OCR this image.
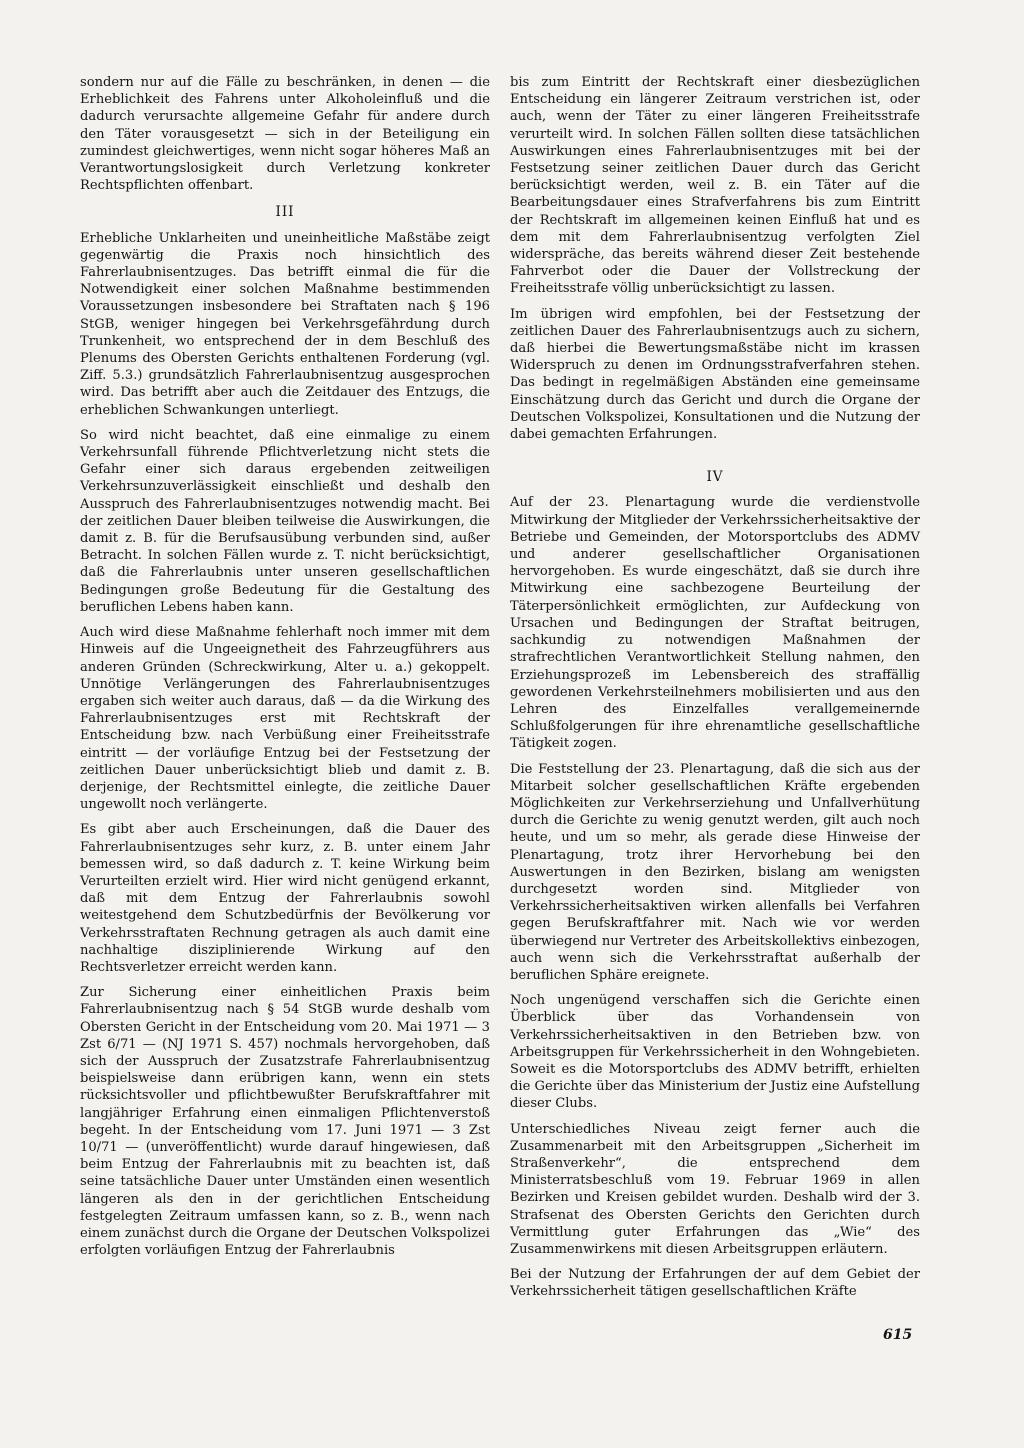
sondern nur auf die Fälle zu beschränken, in denen — die Erheblichkeit des Fahrens unter Alkoholeinfluß und die dadurch verursachte allgemeine Gefahr für andere durch den Täter vorausgesetzt — sich in der Beteiligung ein zumindest gleichwertiges, wenn nicht sogar höheres Maß an Verantwortungslosigkeit durch Verletzung konkreter Rechtspflichten offenbart.

III

Erhebliche Unklarheiten und uneinheitliche Maßstäbe zeigt gegenwärtig die Praxis noch hinsichtlich des Fahrerlaubnisentzuges. Das betrifft einmal die für die Notwendigkeit einer solchen Maßnahme bestimmenden Voraussetzungen insbesondere bei Straftaten nach § 196 StGB, weniger hingegen bei Verkehrsgefährdung durch Trunkenheit, wo entsprechend der in dem Beschluß des Plenums des Obersten Gerichts enthaltenen Forderung (vgl. Ziff. 5.3.) grundsätzlich Fahrerlaubnisentzug ausgesprochen wird. Das betrifft aber auch die Zeitdauer des Entzugs, die erheblichen Schwankungen unterliegt.

So wird nicht beachtet, daß eine einmalige zu einem Verkehrsunfall führende Pflichtverletzung nicht stets die Gefahr einer sich daraus ergebenden zeitweiligen Verkehrsunzuverlässigkeit einschließt und deshalb den Ausspruch des Fahrerlaubnisentzuges notwendig macht. Bei der zeitlichen Dauer bleiben teilweise die Auswirkungen, die damit z. B. für die Berufsausübung verbunden sind, außer Betracht. In solchen Fällen wurde z. T. nicht berücksichtigt, daß die Fahrerlaubnis unter unseren gesellschaftlichen Bedingungen große Bedeutung für die Gestaltung des beruflichen Lebens haben kann.

Auch wird diese Maßnahme fehlerhaft noch immer mit dem Hinweis auf die Ungeeignetheit des Fahrzeugführers aus anderen Gründen (Schreckwirkung, Alter u. a.) gekoppelt. Unnötige Verlängerungen des Fahrerlaubnisentzuges ergaben sich weiter auch daraus, daß — da die Wirkung des Fahrerlaubnisentzuges erst mit Rechtskraft der Entscheidung bzw. nach Verbüßung einer Freiheitsstrafe eintritt — der vorläufige Entzug bei der Festsetzung der zeitlichen Dauer unberücksichtigt blieb und damit z. B. derjenige, der Rechtsmittel einlegte, die zeitliche Dauer ungewollt noch verlängerte.

Es gibt aber auch Erscheinungen, daß die Dauer des Fahrerlaubnisentzuges sehr kurz, z. B. unter einem Jahr bemessen wird, so daß dadurch z. T. keine Wirkung beim Verurteilten erzielt wird. Hier wird nicht genügend erkannt, daß mit dem Entzug der Fahrerlaubnis sowohl weitestgehend dem Schutzbedürfnis der Bevölkerung vor Verkehrsstraftaten Rechnung getragen als auch damit eine nachhaltige disziplinierende Wirkung auf den Rechtsverletzer erreicht werden kann.

Zur Sicherung einer einheitlichen Praxis beim Fahrerlaubnisentzug nach § 54 StGB wurde deshalb vom Obersten Gericht in der Entscheidung vom 20. Mai 1971 — 3 Zst 6/71 — (NJ 1971 S. 457) nochmals hervorgehoben, daß sich der Ausspruch der Zusatzstrafe Fahrerlaubnisentzug beispielsweise dann erübrigen kann, wenn ein stets rücksichtsvoller und pflichtbewußter Berufskraftfahrer mit langjähriger Erfahrung einen einmaligen Pflichtenverstoß begeht. In der Entscheidung vom 17. Juni 1971 — 3 Zst 10/71 — (unveröffentlicht) wurde darauf hingewiesen, daß beim Entzug der Fahrerlaubnis mit zu beachten ist, daß seine tatsächliche Dauer unter Umständen einen wesentlich längeren als den in der gerichtlichen Entscheidung festgelegten Zeitraum umfassen kann, so z. B., wenn nach einem zunächst durch die Organe der Deutschen Volkspolizei erfolgten vorläufigen Entzug der Fahrerlaubnis

bis zum Eintritt der Rechtskraft einer diesbezüglichen Entscheidung ein längerer Zeitraum verstrichen ist, oder auch, wenn der Täter zu einer längeren Freiheitsstrafe verurteilt wird. In solchen Fällen sollten diese tatsächlichen Auswirkungen eines Fahrerlaubnisentzuges mit bei der Festsetzung seiner zeitlichen Dauer durch das Gericht berücksichtigt werden, weil z. B. ein Täter auf die Bearbeitungsdauer eines Strafverfahrens bis zum Eintritt der Rechtskraft im allgemeinen keinen Einfluß hat und es dem mit dem Fahrerlaubnisentzug verfolgten Ziel widerspräche, das bereits während dieser Zeit bestehende Fahrverbot oder die Dauer der Vollstreckung der Freiheitsstrafe völlig unberücksichtigt zu lassen.

Im übrigen wird empfohlen, bei der Festsetzung der zeitlichen Dauer des Fahrerlaubnisentzugs auch zu sichern, daß hierbei die Bewertungsmaßstäbe nicht im krassen Widerspruch zu denen im Ordnungsstrafverfahren stehen. Das bedingt in regelmäßigen Abständen eine gemeinsame Einschätzung durch das Gericht und durch die Organe der Deutschen Volkspolizei, Konsultationen und die Nutzung der dabei gemachten Erfahrungen.

IV

Auf der 23. Plenartagung wurde die verdienstvolle Mitwirkung der Mitglieder der Verkehrssicherheitsaktive der Betriebe und Gemeinden, der Motorsportclubs des ADMV und anderer gesellschaftlicher Organisationen hervorgehoben. Es wurde eingeschätzt, daß sie durch ihre Mitwirkung eine sachbezogene Beurteilung der Täterpersönlichkeit ermöglichten, zur Aufdeckung von Ursachen und Bedingungen der Straftat beitrugen, sachkundig zu notwendigen Maßnahmen der strafrechtlichen Verantwortlichkeit Stellung nahmen, den Erziehungsprozeß im Lebensbereich des straffällig gewordenen Verkehrsteilnehmers mobilisierten und aus den Lehren des Einzelfalles verallgemeinernde Schlußfolgerungen für ihre ehrenamtliche gesellschaftliche Tätigkeit zogen.

Die Feststellung der 23. Plenartagung, daß die sich aus der Mitarbeit solcher gesellschaftlichen Kräfte ergebenden Möglichkeiten zur Verkehrserziehung und Unfallverhütung durch die Gerichte zu wenig genutzt werden, gilt auch noch heute, und um so mehr, als gerade diese Hinweise der Plenartagung, trotz ihrer Hervorhebung bei den Auswertungen in den Bezirken, bislang am wenigsten durchgesetzt worden sind. Mitglieder von Verkehrssicherheitsaktiven wirken allenfalls bei Verfahren gegen Berufskraftfahrer mit. Nach wie vor werden überwiegend nur Vertreter des Arbeitskollektivs einbezogen, auch wenn sich die Verkehrsstraftat außerhalb der beruflichen Sphäre ereignete.

Noch ungenügend verschaffen sich die Gerichte einen Überblick über das Vorhandensein von Verkehrssicherheitsaktiven in den Betrieben bzw. von Arbeitsgruppen für Verkehrssicherheit in den Wohngebieten. Soweit es die Motorsportclubs des ADMV betrifft, erhielten die Gerichte über das Ministerium der Justiz eine Aufstellung dieser Clubs.

Unterschiedliches Niveau zeigt ferner auch die Zusammenarbeit mit den Arbeitsgruppen „Sicherheit im Straßenverkehr“, die entsprechend dem Ministerratsbeschluß vom 19. Februar 1969 in allen Bezirken und Kreisen gebildet wurden. Deshalb wird der 3. Strafsenat des Obersten Gerichts den Gerichten durch Vermittlung guter Erfahrungen das „Wie“ des Zusammenwirkens mit diesen Arbeitsgruppen erläutern.

Bei der Nutzung der Erfahrungen der auf dem Gebiet der Verkehrssicherheit tätigen gesellschaftlichen Kräfte

615
